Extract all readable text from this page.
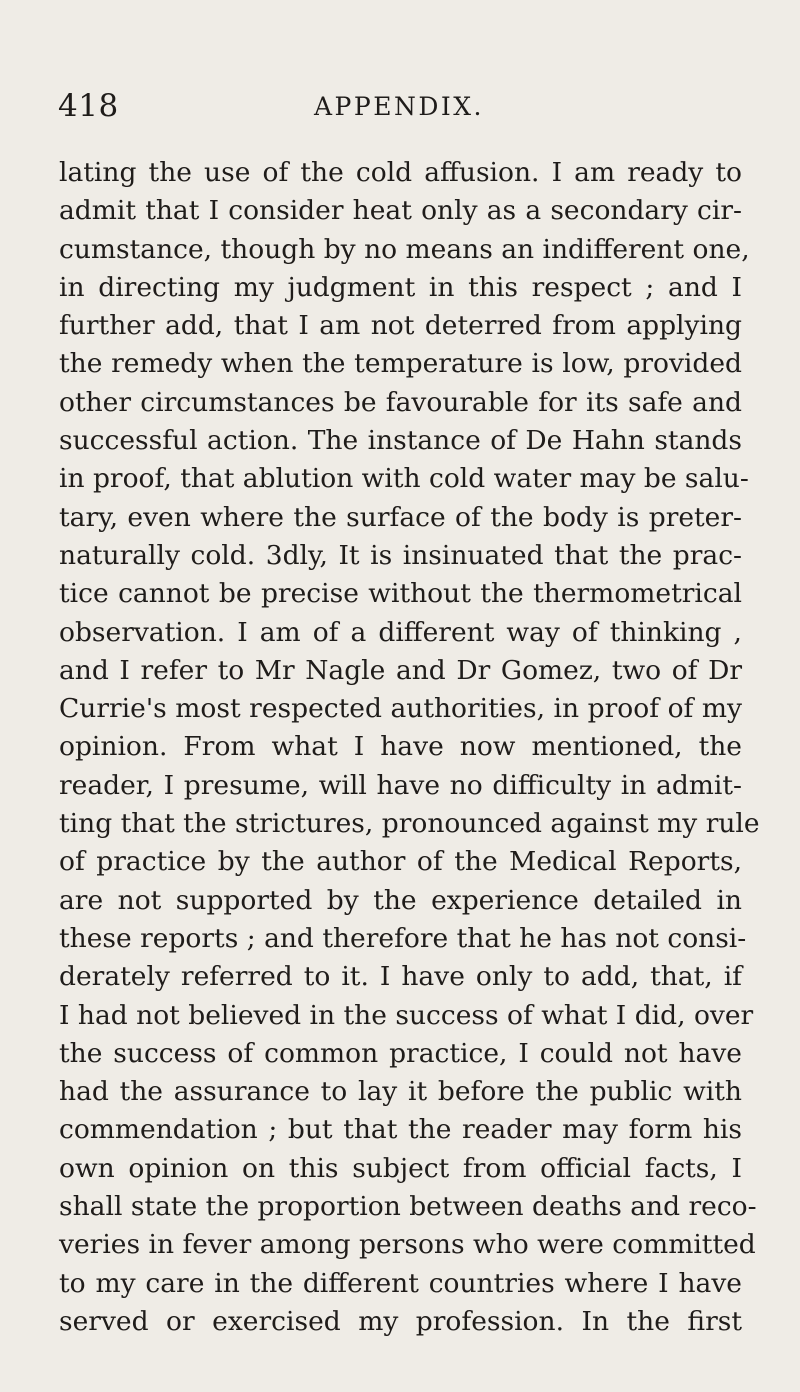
418	APPENDIX.
lating the use of the cold affusion. I am ready to
admit that I consider heat only as a secondary cir-
cumstance, though by no means an indifferent one,
in directing my judgment in this respect ; and I
further add, that I am not deterred from applying
the remedy when the temperature is low, provided
other circumstances be favourable for its safe and
successful action. The instance of De Hahn stands
in proof, that ablution with cold water may be salu-
tary, even where the surface of the body is preter-
naturally cold. 3dly, It is insinuated that the prac-
tice cannot be precise without the thermometrical
observation. I am of a different way of thinking ,
and I refer to Mr Nagle and Dr Gomez, two of Dr
Currie's most respected authorities, in proof of my
opinion. From what I have now mentioned, the
reader, I presume, will have no difficulty in admit-
ting that the strictures, pronounced against my rule
of practice by the author of the Medical Reports,
are not supported by the experience detailed in
these reports ; and therefore that he has not consi-
derately referred to it. I have only to add, that, if
I had not believed in the success of what I did, over
the success of common practice, I could not have
had the assurance to lay it before the public with
commendation ; but that the reader may form his
own opinion on this subject from official facts, I
shall state the proportion between deaths and reco-
veries in fever among persons who were committed
to my care in the different countries where I have
served or exercised my profession. In the first
